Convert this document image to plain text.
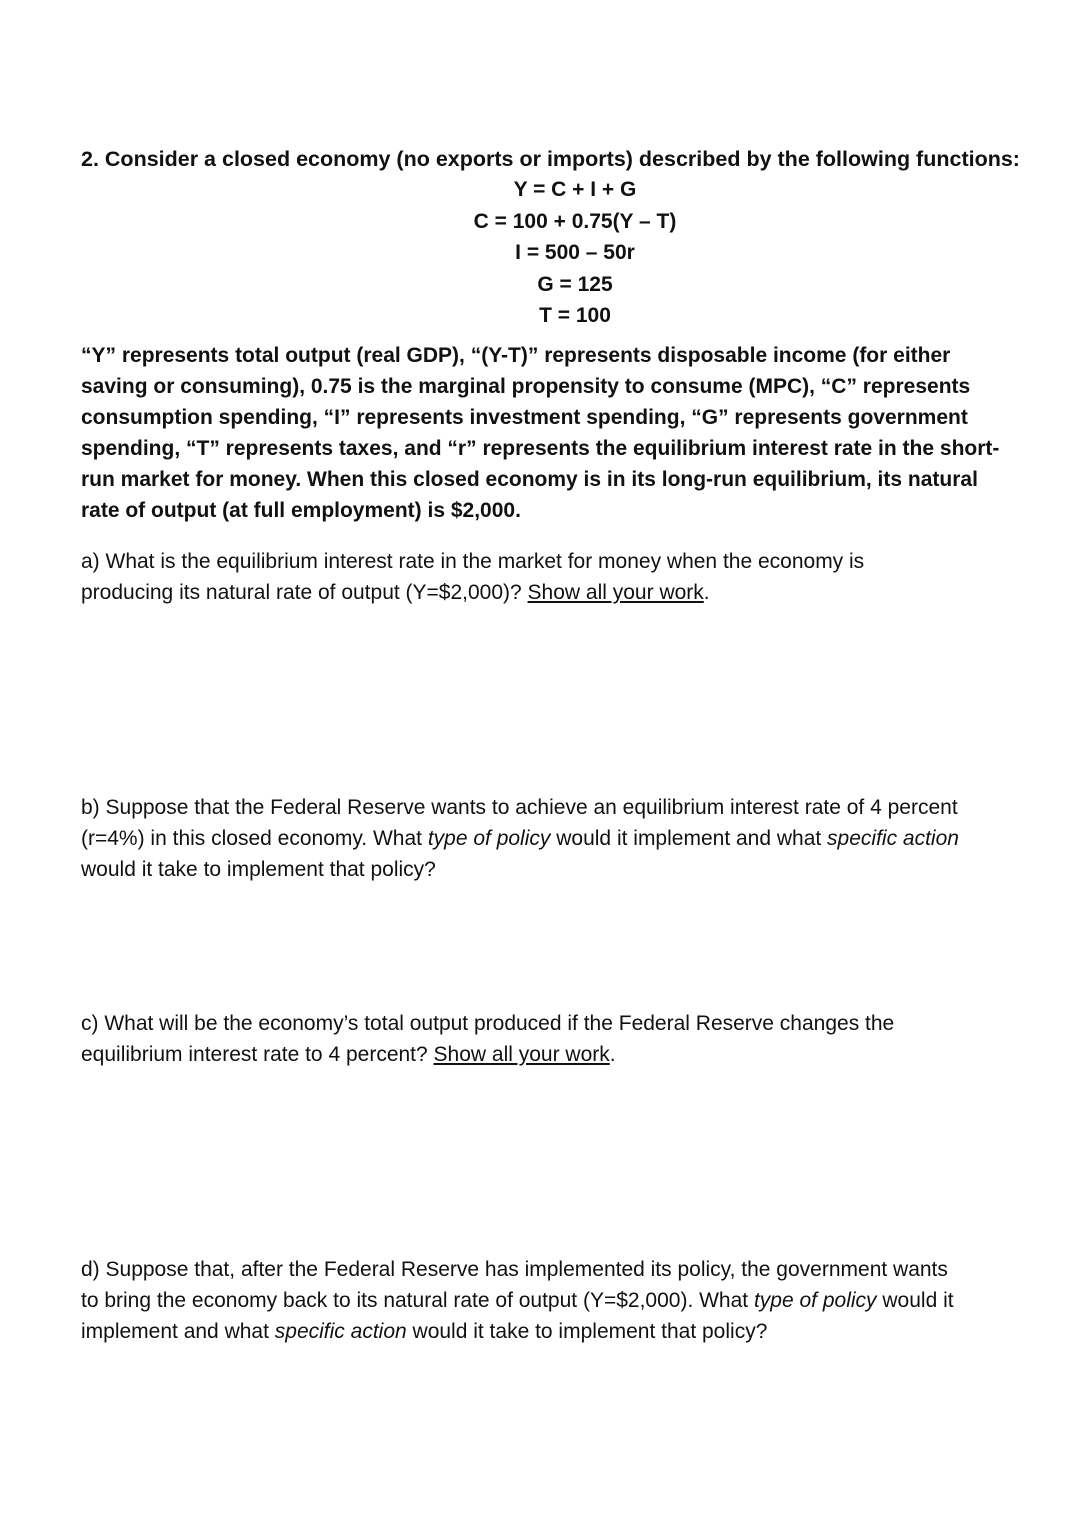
2. Consider a closed economy (no exports or imports) described by the following functions:
Y = C + I + G
C = 100 + 0.75(Y – T)
I = 500 – 50r
G = 125
T = 100
“Y” represents total output (real GDP), “(Y-T)” represents disposable income (for either
saving or consuming), 0.75 is the marginal propensity to consume (MPC), “C” represents
consumption spending, “I” represents investment spending, “G” represents government
spending, “T” represents taxes, and “r” represents the equilibrium interest rate in the short-
run market for money. When this closed economy is in its long-run equilibrium, its natural
rate of output (at full employment) is $2,000.
a) What is the equilibrium interest rate in the market for money when the economy is
producing its natural rate of output (Y=$2,000)? Show all your work.
b) Suppose that the Federal Reserve wants to achieve an equilibrium interest rate of 4 percent
(r=4%) in this closed economy. What type of policy would it implement and what specific action
would it take to implement that policy?
c) What will be the economy’s total output produced if the Federal Reserve changes the
equilibrium interest rate to 4 percent? Show all your work.
d) Suppose that, after the Federal Reserve has implemented its policy, the government wants
to bring the economy back to its natural rate of output (Y=$2,000). What type of policy would it
implement and what specific action would it take to implement that policy?
